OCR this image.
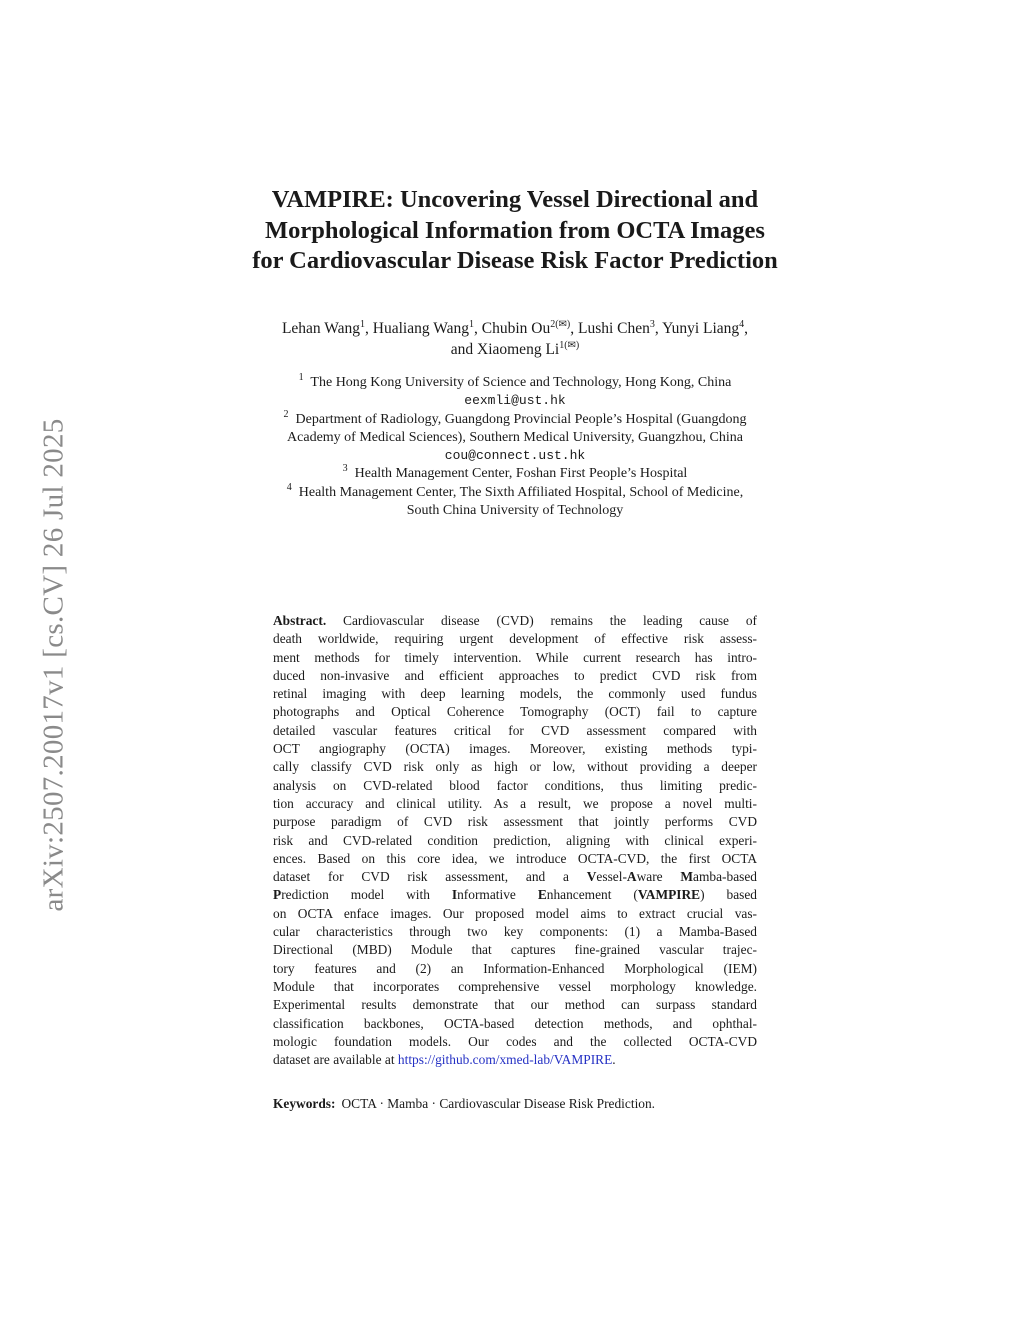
arXiv:2507.20017v1 [cs.CV] 26 Jul 2025
VAMPIRE: Uncovering Vessel Directional and
Morphological Information from OCTA Images
for Cardiovascular Disease Risk Factor Prediction
Lehan Wang$^1$, Hualiang Wang$^1$, Chubin $Ou^{2(✉)}$, Lushi Chen$^3$, Yunyi Liang$^4$,
and Xiaomeng $Li^{1(✉)}$
$^1$ The Hong Kong University of Science and Technology, Hong Kong, China
eexmli@ust.hk
$^2$ Department of Radiology, Guangdong Provincial People’s Hospital (Guangdong
Academy of Medical Sciences), Southern Medical University, Guangzhou, China
cou@connect.ust.hk
$^3$ Health Management Center, Foshan First People’s Hospital
$^4$ Health Management Center, The Sixth Affiliated Hospital, School of Medicine,
South China University of Technology
Abstract. Cardiovascular disease (CVD) remains the leading cause of
death worldwide, requiring urgent development of effective risk assess-
ment methods for timely intervention. While current research has intro-
duced non-invasive and efficient approaches to predict CVD risk from
retinal imaging with deep learning models, the commonly used fundus
photographs and Optical Coherence Tomography (OCT) fail to capture
detailed vascular features critical for CVD assessment compared with
OCT angiography (OCTA) images. Moreover, existing methods typi-
cally classify CVD risk only as high or low, without providing a deeper
analysis on CVD-related blood factor conditions, thus limiting predic-
tion accuracy and clinical utility. As a result, we propose a novel multi-
purpose paradigm of CVD risk assessment that jointly performs CVD
risk and CVD-related condition prediction, aligning with clinical experi-
ences. Based on this core idea, we introduce OCTA-CVD, the first OCTA
dataset for CVD risk assessment, and a Vessel-Aware Mamba-based
Prediction model with Informative Enhancement (VAMPIRE) based
on OCTA enface images. Our proposed model aims to extract crucial vas-
cular characteristics through two key components: (1) a Mamba-Based
Directional (MBD) Module that captures fine-grained vascular trajec-
tory features and (2) an Information-Enhanced Morphological (IEM)
Module that incorporates comprehensive vessel morphology knowledge.
Experimental results demonstrate that our method can surpass standard
classification backbones, OCTA-based detection methods, and ophthal-
mologic foundation models. Our codes and the collected OCTA-CVD
dataset are available at https://github.com/xmed-lab/VAMPIRE.
Keywords: OCTA · Mamba · Cardiovascular Disease Risk Prediction.
